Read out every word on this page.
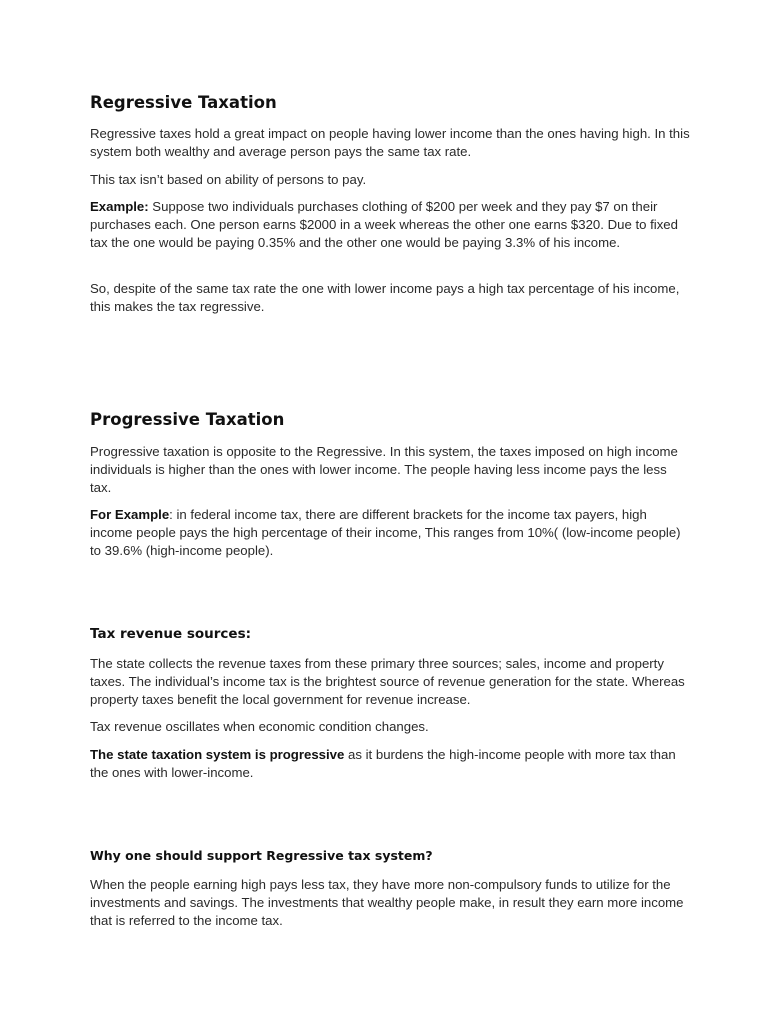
Regressive Taxation

Regressive taxes hold a great impact on people having lower income than the ones having high. In this system both wealthy and average person pays the same tax rate.

This tax isn’t based on ability of persons to pay.

Example: Suppose two individuals purchases clothing of $200 per week and they pay $7 on their purchases each. One person earns $2000 in a week whereas the other one earns $320. Due to fixed tax the one would be paying 0.35% and the other one would be paying 3.3% of his income.

So, despite of the same tax rate the one with lower income pays a high tax percentage of his income, this makes the tax regressive.

Progressive Taxation

Progressive taxation is opposite to the Regressive. In this system, the taxes imposed on high income individuals is higher than the ones with lower income. The people having less income pays the less tax.

For Example: in federal income tax, there are different brackets for the income tax payers, high income people pays the high percentage of their income, This ranges from 10%( (low-income people) to 39.6% (high-income people).

Tax revenue sources:

The state collects the revenue taxes from these primary three sources; sales, income and property taxes. The individual’s income tax is the brightest source of revenue generation for the state. Whereas property taxes benefit the local government for revenue increase.

Tax revenue oscillates when economic condition changes.

The state taxation system is progressive as it burdens the high-income people with more tax than the ones with lower-income.

Why one should support Regressive tax system?

When the people earning high pays less tax, they have more non-compulsory funds to utilize for the investments and savings. The investments that wealthy people make, in result they earn more income that is referred to the income tax.
